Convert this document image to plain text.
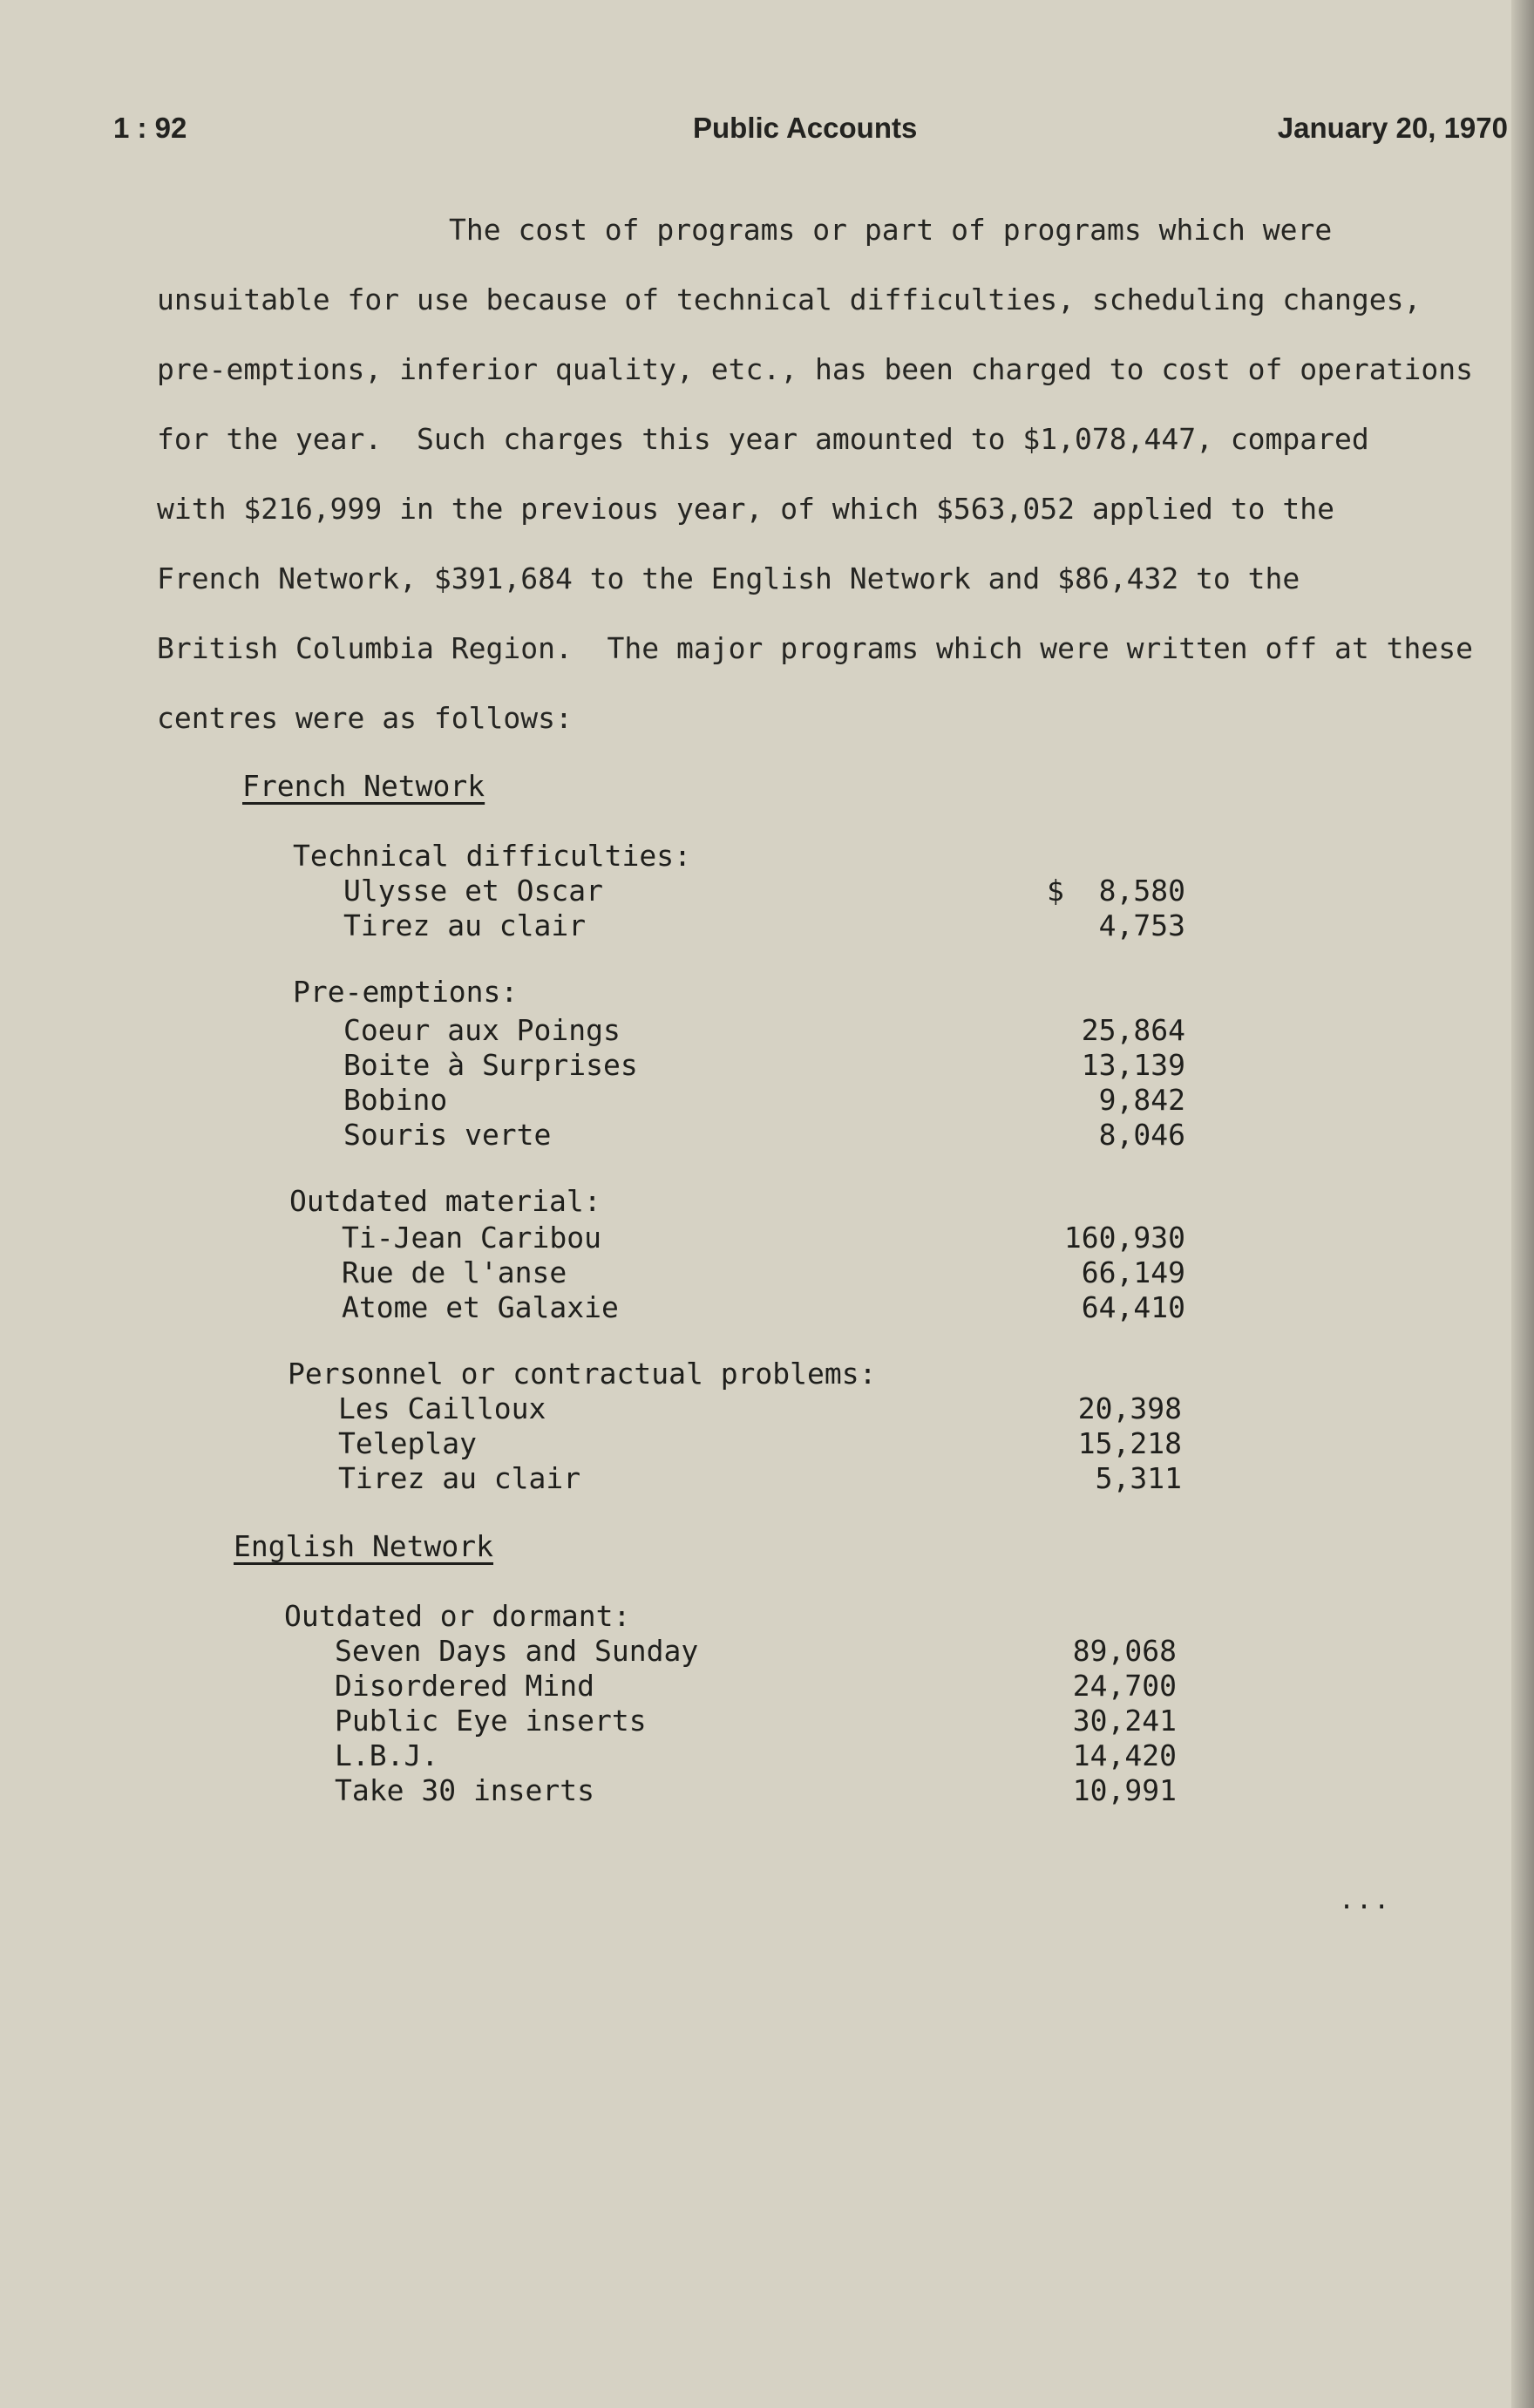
1 : 92	Public Accounts	January 20, 1970
The cost of programs or part of programs which were
unsuitable for use because of technical difficulties, scheduling changes,
pre-emptions, inferior quality, etc., has been charged to cost of operations
for the year.  Such charges this year amounted to $1,078,447, compared
with $216,999 in the previous year, of which $563,052 applied to the
French Network, $391,684 to the English Network and $86,432 to the
British Columbia Region.  The major programs which were written off at these
centres were as follows:
French Network
Technical difficulties:
Ulysse et Oscar	$  8,580
Tirez au clair	4,753
Pre-emptions:
Coeur aux Poings	25,864
Boite à Surprises	13,139
Bobino	9,842
Souris verte	8,046
Outdated material:
Ti-Jean Caribou	160,930
Rue de l'anse	66,149
Atome et Galaxie	64,410
Personnel or contractual problems:
Les Cailloux	20,398
Teleplay	15,218
Tirez au clair	5,311
English Network
Outdated or dormant:
Seven Days and Sunday	89,068
Disordered Mind	24,700
Public Eye inserts	30,241
L.B.J.	14,420
Take 30 inserts	10,991
...
